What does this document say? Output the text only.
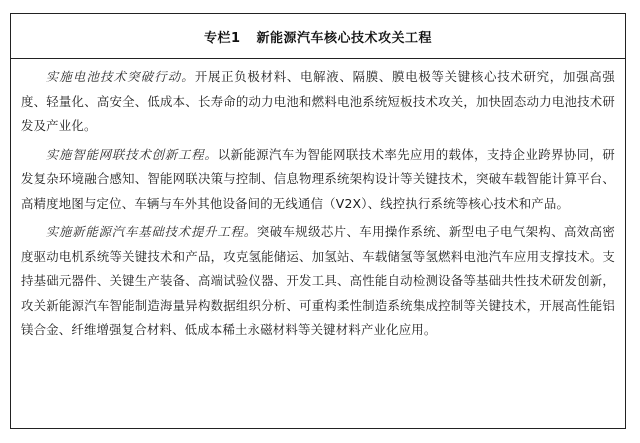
专栏1 新能源汽车核心技术攻关工程

实施电池技术突破行动。开展正负极材料、电解液、隔膜、膜电极等关键核心技术研究，加强高强度、轻量化、高安全、低成本、长寿命的动力电池和燃料电池系统短板技术攻关，加快固态动力电池技术研发及产业化。

实施智能网联技术创新工程。以新能源汽车为智能网联技术率先应用的载体，支持企业跨界协同，研发复杂环境融合感知、智能网联决策与控制、信息物理系统架构设计等关键技术，突破车载智能计算平台、高精度地图与定位、车辆与车外其他设备间的无线通信（V2X）、线控执行系统等核心技术和产品。

实施新能源汽车基础技术提升工程。突破车规级芯片、车用操作系统、新型电子电气架构、高效高密度驱动电机系统等关键技术和产品，攻克氢能储运、加氢站、车载储氢等氢燃料电池汽车应用支撑技术。支持基础元器件、关键生产装备、高端试验仪器、开发工具、高性能自动检测设备等基础共性技术研发创新，攻关新能源汽车智能制造海量异构数据组织分析、可重构柔性制造系统集成控制等关键技术，开展高性能铝镁合金、纤维增强复合材料、低成本稀土永磁材料等关键材料产业化应用。
